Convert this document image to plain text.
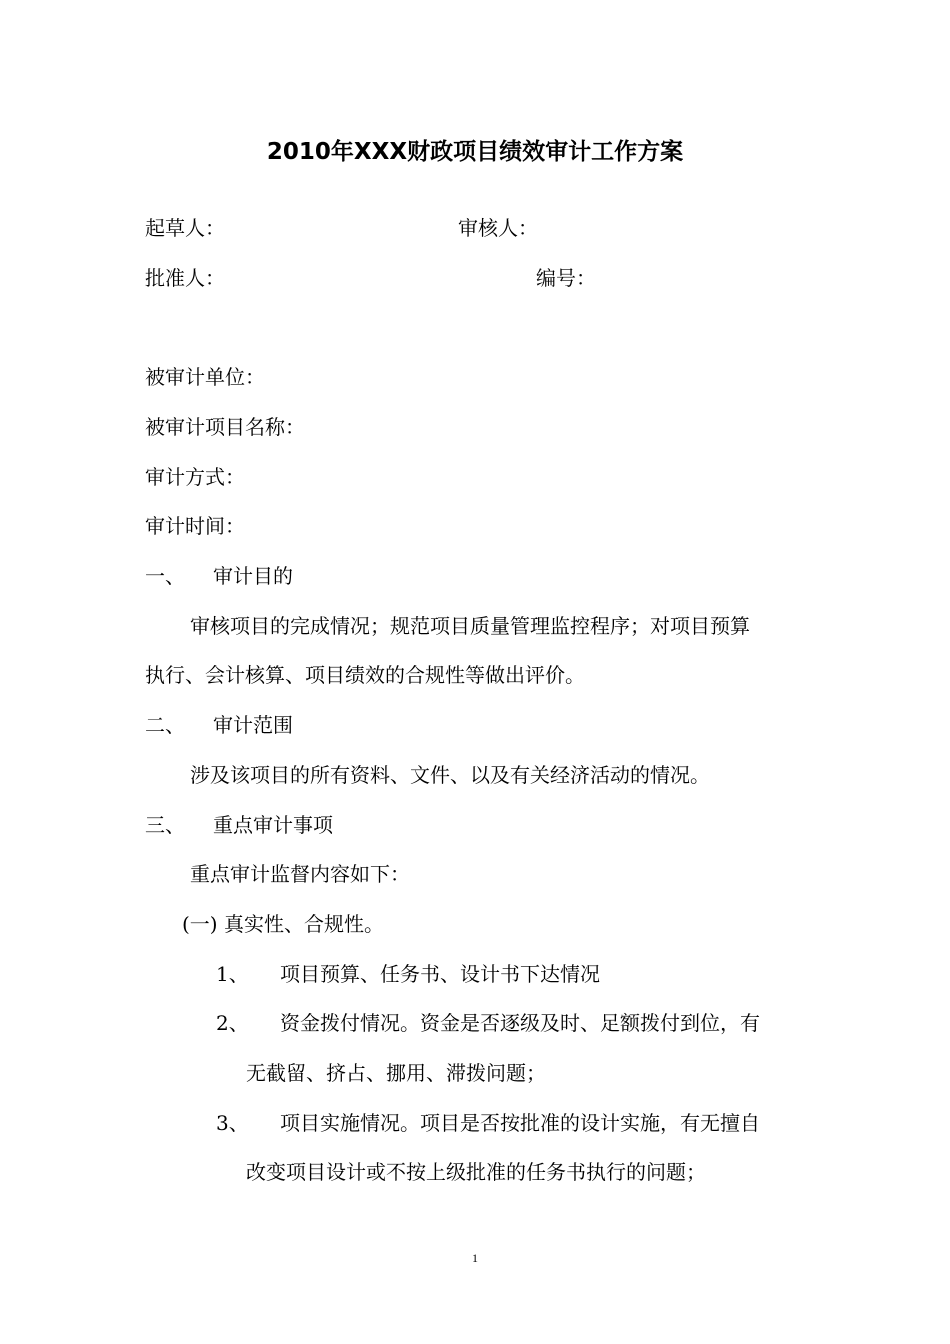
2010年XXX财政项目绩效审计工作方案
起草人：	审核人：
批准人：	编号：
被审计单位：
被审计项目名称：
审计方式：
审计时间：
一、 审计目的
审核项目的完成情况；规范项目质量管理监控程序；对项目预算
执行、会计核算、项目绩效的合规性等做出评价。
二、 审计范围
涉及该项目的所有资料、文件、以及有关经济活动的情况。
三、 重点审计事项
重点审计监督内容如下：
(一) 真实性、合规性。
1、 项目预算、任务书、设计书下达情况
2、 资金拨付情况。资金是否逐级及时、足额拨付到位，有
无截留、挤占、挪用、滞拨问题；
3、 项目实施情况。项目是否按批准的设计实施，有无擅自
改变项目设计或不按上级批准的任务书执行的问题；
1
